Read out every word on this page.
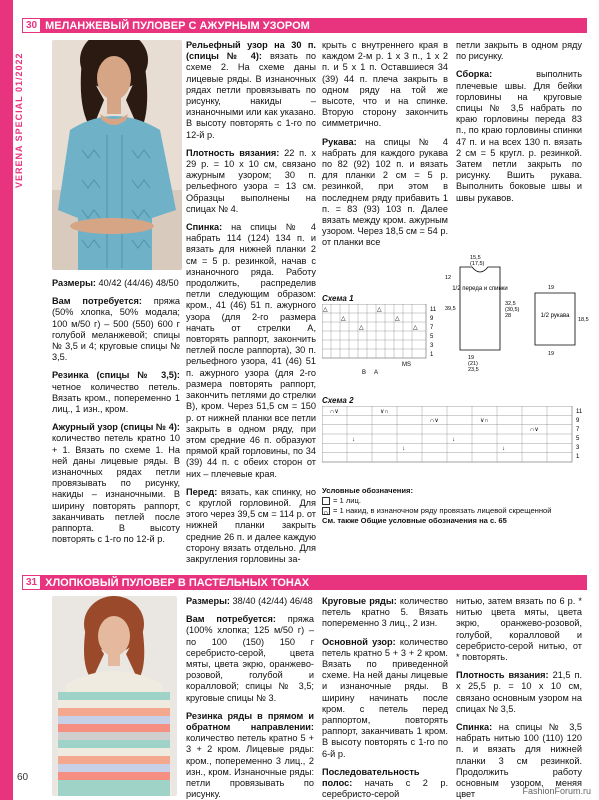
VERENA SPECIAL 01/2022
30 МЕЛАНЖЕВЫЙ ПУЛОВЕР С АЖУРНЫМ УЗОРОМ

Размеры: 40/42 (44/46) 48/50

Вам потребуется: пряжа (50% хлопка, 50% модала; 100 м/50 г) – 500 (550) 600 г голубой меланжевой; спицы № 3,5 и 4; круговые спицы № 3,5.

Резинка (спицы № 3,5): четное количество петель. Вязать кром., попеременно 1 лиц., 1 изн., кром.

Ажурный узор (спицы № 4): количество петель кратно 10 + 1. Вязать по схеме 1. На ней даны лицевые ряды. В изнаночных рядах петли провязывать по рисунку, накиды – изнаночными. В ширину повторять раппорт, заканчивать петлей после раппорта. В высоту повторять с 1-го по 12-й р.

Рельефный узор на 30 п. (спицы № 4): вязать по схеме 2. На схеме даны лицевые ряды. В изнаночных рядах петли провязывать по рисунку, накиды – изнаночными или как указано. В высоту повторять с 1-го по 12-й р.

Плотность вязания: 22 п. х 29 р. = 10 х 10 см, связано ажурным узором; 30 п. рельефного узора = 13 см. Образцы выполнены на спицах № 4.

Спинка: на спицы № 4 набрать 114 (124) 134 п. и вязать для нижней планки 2 см = 5 р. резинкой, начав с изнаночного ряда. Работу продолжить, распределив петли следующим образом: кром., 41 (46) 51 п. ажурного узора (для 2-го размера начать от стрелки А, повторять раппорт, закончить петлей после раппорта), 30 п. рельефного узора, 41 (46) 51 п. ажурного узора (для 2-го размера повторять раппорт, закончить петлями до стрелки В), кром. Через 51,5 см = 150 р. от нижней планки все петли закрыть в одном ряду, при этом средние 46 п. образуют прямой край горловины, по 34 (39) 44 п. с обеих сторон от них – плечевые края.

Перед: вязать, как спинку, но с круглой горловиной. Для этого через 39,5 см = 114 р. от нижней планки закрыть средние 26 п. и далее каждую сторону вязать отдельно. Для закругления горловины за-

крыть с внутреннего края в каждом 2-м р. 1 х 3 п., 1 х 2 п. и 5 х 1 п. Оставшиеся 34 (39) 44 п. плеча закрыть в одном ряду на той же высоте, что и на спинке. Вторую сторону закончить симметрично.

Рукава: на спицы № 4 набрать для каждого рукава по 82 (92) 102 п. и вязать для планки 2 см = 5 р. резинкой, при этом в последнем ряду прибавить 1 п. = 83 (93) 103 п. Далее вязать между кром. ажурным узором. Через 18,5 см = 54 р. от планки все

петли закрыть в одном ряду по рисунку.

Сборка: выполнить плечевые швы. Для бейки горловины на круговые спицы № 3,5 набрать по краю горловины переда 83 п., по краю горловины спинки 47 п. и на всех 130 п. вязать 2 см = 5 кругл. р. резинкой. Затем петли закрыть по рисунку. Вшить рукава. Выполнить боковые швы и швы рукавов.

1/2 переда и спинки
1/2 рукава
15,5
(17,5)
12
39,5
32,5
(30,5)
28
19
(21)
23,5
19
18,5
19
Схема 1
△
△
△
△
△
△
11
9
7
5
3
1
B A
MS
Схема 2
∩∨	∨∩
∩∨	∨∩
∩∨
↓
↓
↓
↓
11
9
7
5
3
1
Условные обозначения:
= 1 лиц.
∩ = 1 накид, в изнаночном ряду провязать лицевой скрещенной
См. также Общие условные обозначения на с. 65
31 ХЛОПКОВЫЙ ПУЛОВЕР В ПАСТЕЛЬНЫХ ТОНАХ

Размеры: 38/40 (42/44) 46/48

Вам потребуется: пряжа (100% хлопка; 125 м/50 г) – по 100 (150) 150 г серебристо-серой, цвета мяты, цвета экрю, оранжево-розовой, голубой и коралловой; спицы № 3,5; круговые спицы № 3.

Резинка ряды в прямом и обратном направлении: количество петель кратно 5 + 3 + 2 кром. Лицевые ряды: кром., попеременно 3 лиц., 2 изн., кром. Изнаночные ряды: петли провязывать по рисунку.

Круговые ряды: количество петель кратно 5. Вязать попеременно 3 лиц., 2 изн.

Основной узор: количество петель кратно 5 + 3 + 2 кром. Вязать по приведенной схеме. На ней даны лицевые и изнаночные ряды. В ширину начинать после кром. с петель перед раппортом, повторять раппорт, заканчивать 1 кром. В высоту повторять с 1-го по 6-й р.

Последовательность полос: начать с 2 р. серебристо-серой

нитью, затем вязать по 6 р. * нитью цвета мяты, цвета экрю, оранжево-розовой, голубой, коралловой и серебристо-серой нитью, от * повторять.

Плотность вязания: 21,5 п. х 25,5 р. = 10 х 10 см, связано основным узором на спицах № 3,5.

Спинка: на спицы № 3,5 набрать нитью 100 (110) 120 п. и вязать для нижней планки 3 см резинкой. Продолжить работу основным узором, меняя цвет

60
FashionForum.ru
